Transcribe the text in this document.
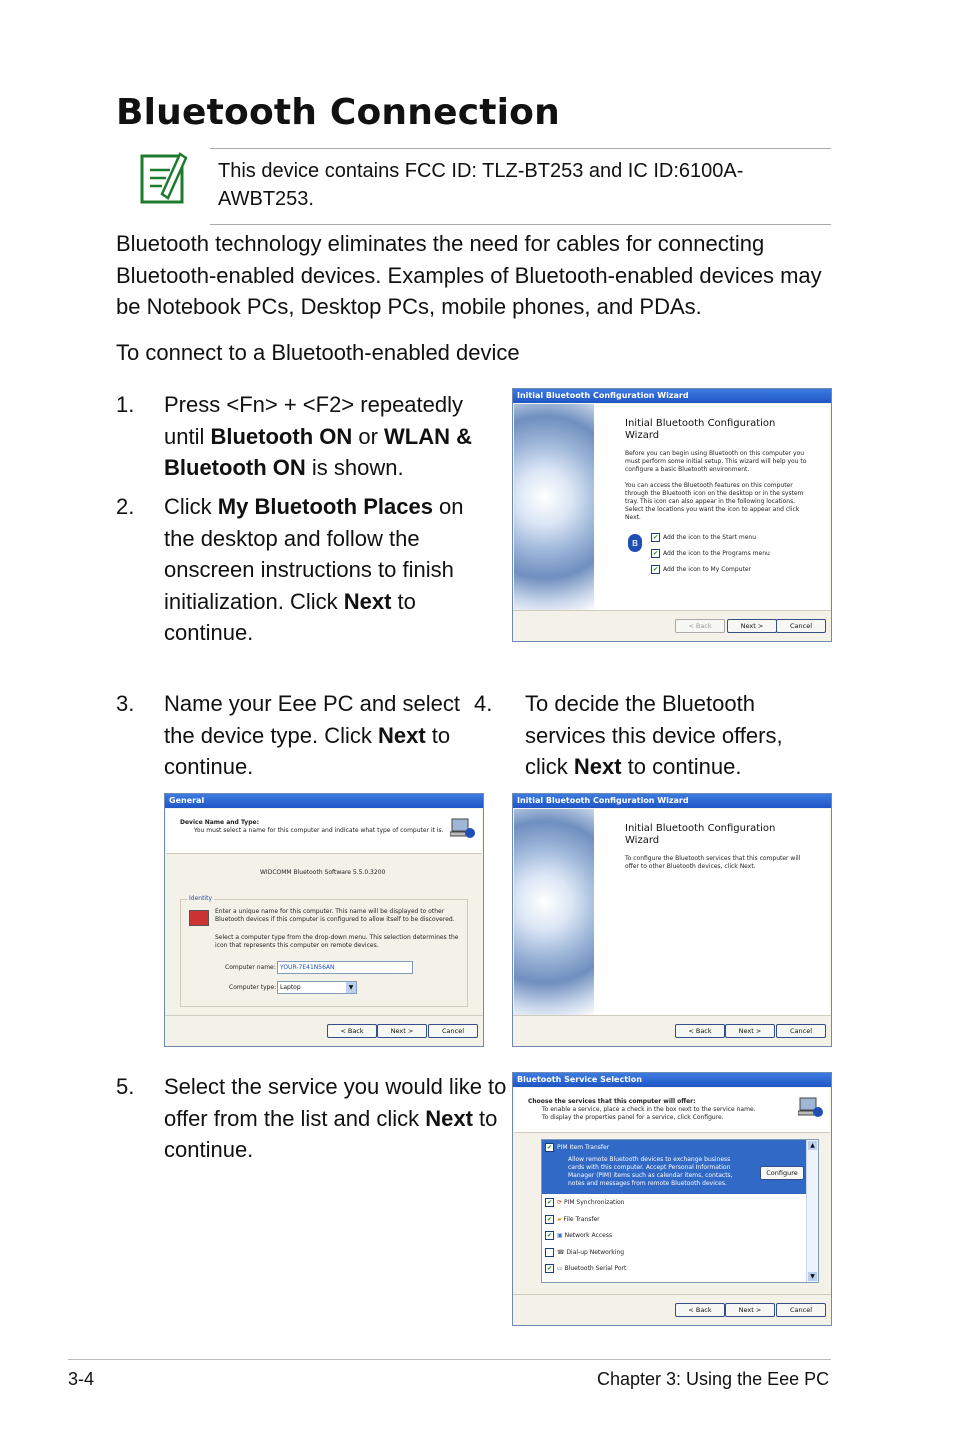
Bluetooth Connection
This device contains FCC ID: TLZ-BT253 and IC ID:6100A-AWBT253.
Bluetooth technology eliminates the need for cables for connecting Bluetooth-enabled devices. Examples of Bluetooth-enabled devices may be Notebook PCs, Desktop PCs, mobile phones, and PDAs.
To connect to a Bluetooth-enabled device
1. Press <Fn> + <F2> repeatedly until Bluetooth ON or WLAN & Bluetooth ON is shown.
2. Click My Bluetooth Places on the desktop and follow the onscreen instructions to finish initialization. Click Next to continue.
Initial Bluetooth Configuration Wizard
Initial Bluetooth Configuration Wizard
Before you can begin using Bluetooth on this computer you must perform some initial setup. This wizard will help you to configure a basic Bluetooth environment.
You can access the Bluetooth features on this computer through the Bluetooth icon on the desktop or in the system tray. This icon can also appear in the following locations. Select the locations you want the icon to appear and click Next.
ʙ	✔ Add the icon to the Start menu
✔ Add the icon to the Programs menu
✔ Add the icon to My Computer
< Back	Next >	Cancel
3. Name your Eee PC and select the device type. Click Next to continue.
4. To decide the Bluetooth services this device offers, click Next to continue.
General
Device Name and Type:
You must select a name for this computer and indicate what type of computer it is.
WIDCOMM Bluetooth Software 5.5.0.3200
Identity
Enter a unique name for this computer. This name will be displayed to other Bluetooth devices if this computer is configured to allow itself to be discovered.
Select a computer type from the drop-down menu. This selection determines the icon that represents this computer on remote devices.
Computer name: YOUR-7E41N56AN
Computer type: Laptop	▼
< Back	Next >	Cancel
Initial Bluetooth Configuration Wizard
Initial Bluetooth Configuration Wizard
To configure the Bluetooth services that this computer will offer to other Bluetooth devices, click Next.
< Back	Next >	Cancel
5. Select the service you would like to offer from the list and click Next to continue.
Bluetooth Service Selection
Choose the services that this computer will offer:
To enable a service, place a check in the box next to the service name.
To display the properties panel for a service, click Configure.
✔ PIM Item Transfer
Allow remote Bluetooth devices to exchange business cards with this computer. Accept Personal Information Manager (PIM) items such as calendar items, contacts, notes and messages from remote Bluetooth devices.
Configure
✔ ⟳ PIM Synchronization
✔ ▰ File Transfer
✔ ▣ Network Access
☎ Dial-up Networking
✔ ▭ Bluetooth Serial Port
▲
▼
< Back	Next >	Cancel
3-4	Chapter 3: Using the Eee PC
